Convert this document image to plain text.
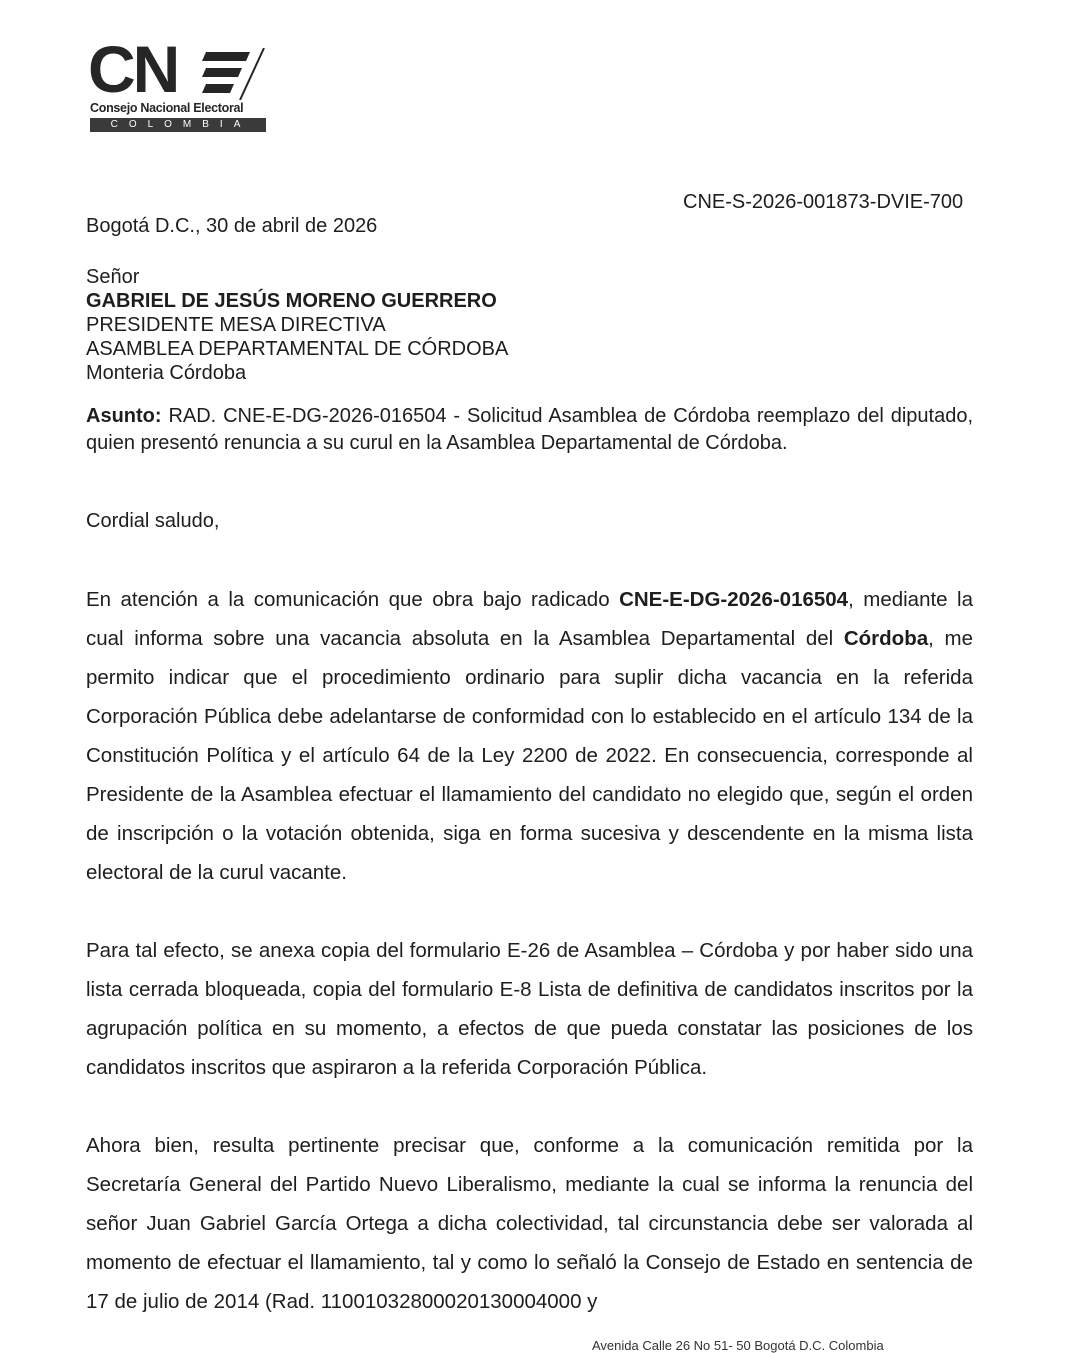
CN
Consejo Nacional Electoral
COLOMBIA
CNE-S-2026-001873-DVIE-700
Bogotá D.C., 30 de abril de 2026
Señor
GABRIEL DE JESÚS MORENO GUERRERO
PRESIDENTE MESA DIRECTIVA
ASAMBLEA DEPARTAMENTAL DE CÓRDOBA
Monteria Córdoba
Asunto: RAD. CNE-E-DG-2026-016504 - Solicitud Asamblea de Córdoba reemplazo del diputado, quien presentó renuncia a su curul en la Asamblea Departamental de Córdoba.
Cordial saludo,
En atención a la comunicación que obra bajo radicado CNE-E-DG-2026-016504, mediante la cual informa sobre una vacancia absoluta en la Asamblea Departamental del Córdoba, me permito indicar que el procedimiento ordinario para suplir dicha vacancia en la referida Corporación Pública debe adelantarse de conformidad con lo establecido en el artículo 134 de la Constitución Política y el artículo 64 de la Ley 2200 de 2022. En consecuencia, corresponde al Presidente de la Asamblea efectuar el llamamiento del candidato no elegido que, según el orden de inscripción o la votación obtenida, siga en forma sucesiva y descendente en la misma lista electoral de la curul vacante.
Para tal efecto, se anexa copia del formulario E-26 de Asamblea – Córdoba y por haber sido una lista cerrada bloqueada, copia del formulario E-8 Lista de definitiva de candidatos inscritos por la agrupación política en su momento, a efectos de que pueda constatar las posiciones de los candidatos inscritos que aspiraron a la referida Corporación Pública.
Ahora bien, resulta pertinente precisar que, conforme a la comunicación remitida por la Secretaría General del Partido Nuevo Liberalismo, mediante la cual se informa la renuncia del señor Juan Gabriel García Ortega a dicha colectividad, tal circunstancia debe ser valorada al momento de efectuar el llamamiento, tal y como lo señaló la Consejo de Estado en sentencia de 17 de julio de 2014 (Rad. 11001032800020130004000 y
Avenida Calle 26 No 51- 50 Bogotá D.C. Colombia
